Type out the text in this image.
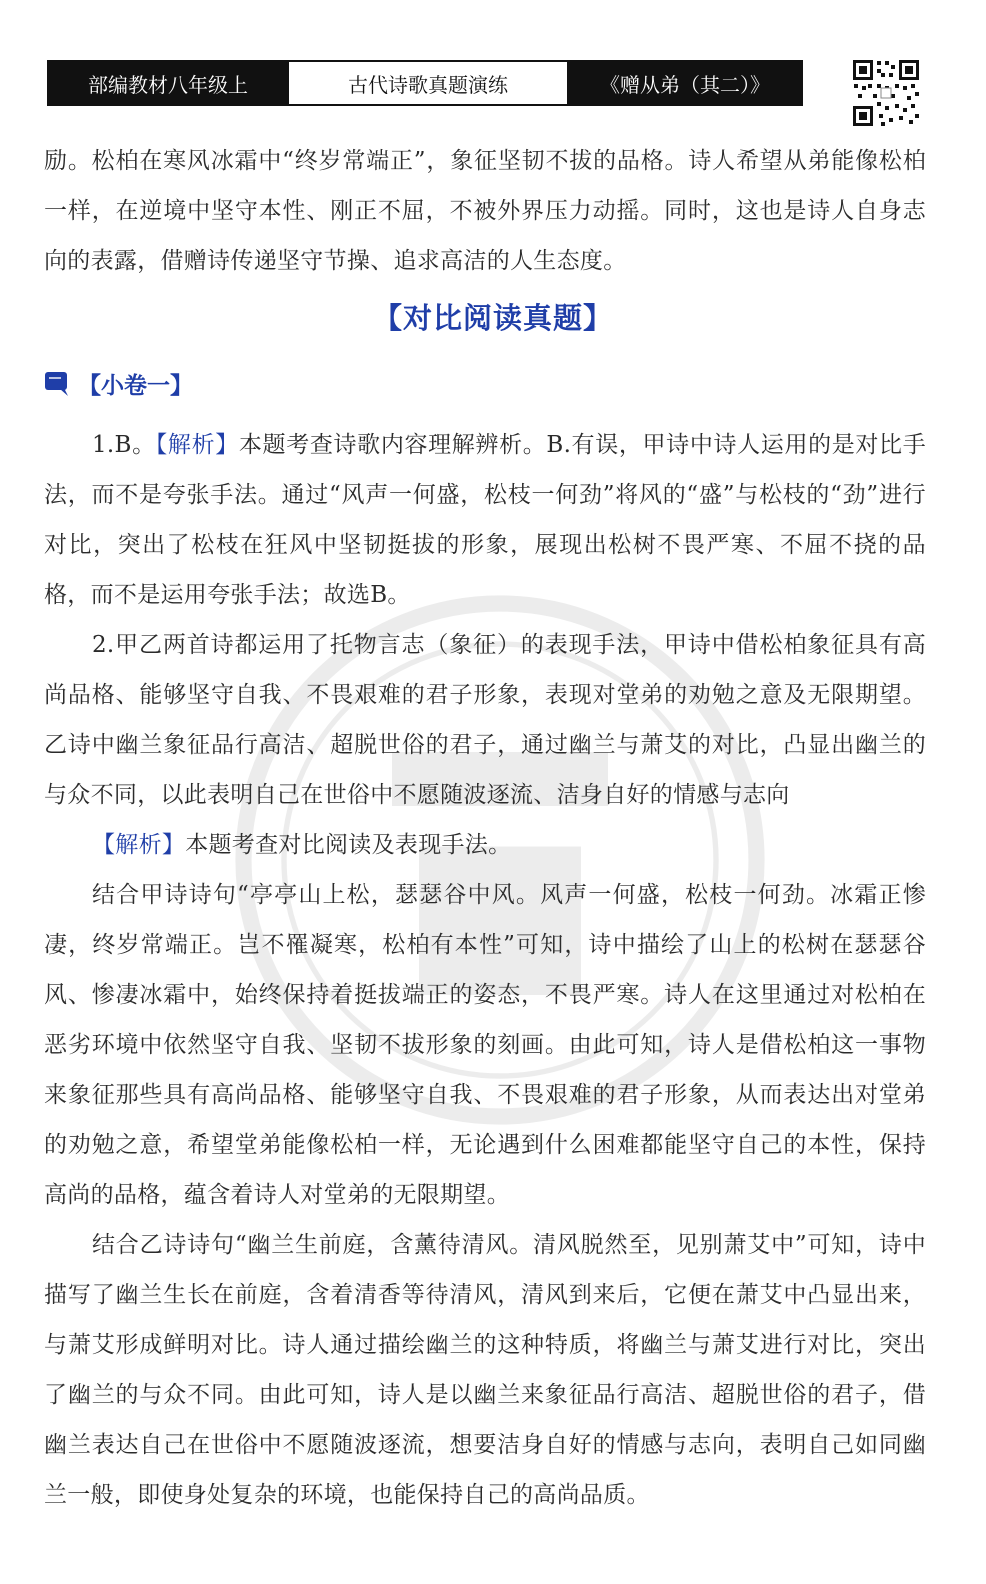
部编教材八年级上	古代诗歌真题演练	《赠从弟（其二）》

励。松柏在寒风冰霜中“终岁常端正”，象征坚韧不拔的品格。诗人希望从弟能像松柏一样，在逆境中坚守本性、刚正不屈，不被外界压力动摇。同时，这也是诗人自身志向的表露，借赠诗传递坚守节操、追求高洁的人生态度。

【对比阅读真题】
【小卷一】

1.B。【解析】本题考查诗歌内容理解辨析。B.有误，甲诗中诗人运用的是对比手法，而不是夸张手法。通过“风声一何盛，松枝一何劲”将风的“盛”与松枝的“劲”进行对比，突出了松枝在狂风中坚韧挺拔的形象，展现出松树不畏严寒、不屈不挠的品格，而不是运用夸张手法；故选B。

2.甲乙两首诗都运用了托物言志（象征）的表现手法，甲诗中借松柏象征具有高尚品格、能够坚守自我、不畏艰难的君子形象，表现对堂弟的劝勉之意及无限期望。乙诗中幽兰象征品行高洁、超脱世俗的君子，通过幽兰与萧艾的对比，凸显出幽兰的与众不同，以此表明自己在世俗中不愿随波逐流、洁身自好的情感与志向

【解析】本题考查对比阅读及表现手法。

结合甲诗诗句“亭亭山上松，瑟瑟谷中风。风声一何盛，松枝一何劲。冰霜正惨凄，终岁常端正。岂不罹凝寒，松柏有本性”可知，诗中描绘了山上的松树在瑟瑟谷风、惨凄冰霜中，始终保持着挺拔端正的姿态，不畏严寒。诗人在这里通过对松柏在恶劣环境中依然坚守自我、坚韧不拔形象的刻画。由此可知，诗人是借松柏这一事物来象征那些具有高尚品格、能够坚守自我、不畏艰难的君子形象，从而表达出对堂弟的劝勉之意，希望堂弟能像松柏一样，无论遇到什么困难都能坚守自己的本性，保持高尚的品格，蕴含着诗人对堂弟的无限期望。

结合乙诗诗句“幽兰生前庭，含薰待清风。清风脱然至，见别萧艾中”可知，诗中描写了幽兰生长在前庭，含着清香等待清风，清风到来后，它便在萧艾中凸显出来，与萧艾形成鲜明对比。诗人通过描绘幽兰的这种特质，将幽兰与萧艾进行对比，突出了幽兰的与众不同。由此可知，诗人是以幽兰来象征品行高洁、超脱世俗的君子，借幽兰表达自己在世俗中不愿随波逐流，想要洁身自好的情感与志向，表明自己如同幽兰一般，即使身处复杂的环境，也能保持自己的高尚品质。
